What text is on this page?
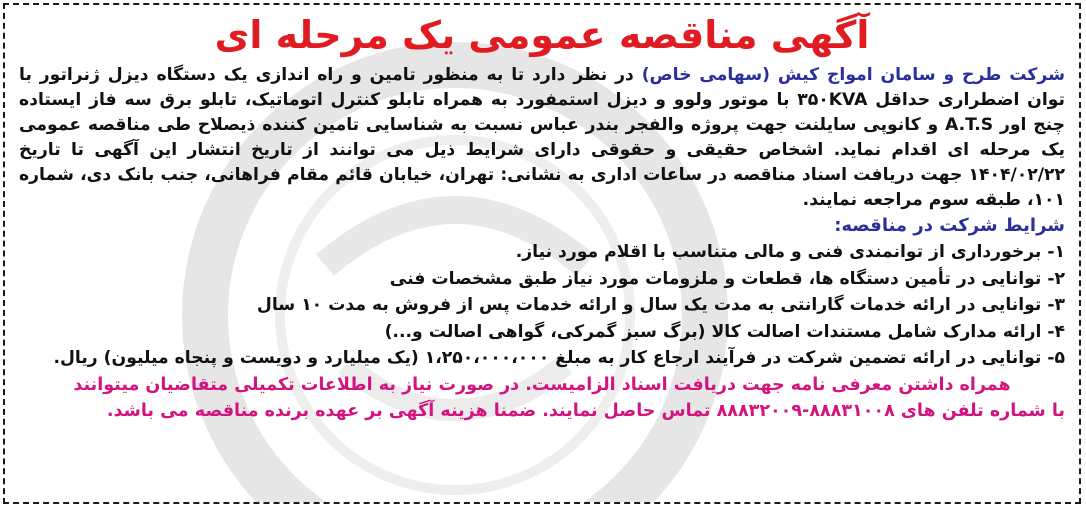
آگهی مناقصه عمومی یک مرحله ای

شرکت طرح و سامان امواج کیش (سهامی خاص) در نظر دارد تا به منظور تامین و راه اندازی یک دستگاه دیزل ژنراتور با توان اضطراری حداقل ۳۵۰KVA با موتور ولوو و دیزل استمفورد به همراه تابلو کنترل اتوماتیک، تابلو برق سه فاز ایستاده چنج اور A.T.S و کانوپی سایلنت جهت پروژه والفجر بندر عباس نسبت به شناسایی تامین کننده ذیصلاح طی مناقصه عمومی یک مرحله ای اقدام نماید. اشخاص حقیقی و حقوقی دارای شرایط ذیل می توانند از تاریخ انتشار این آگهی تا تاریخ ۱۴۰۴/۰۲/۲۲ جهت دریافت اسناد مناقصه در ساعات اداری به نشانی: تهران، خیابان قائم مقام فراهانی، جنب بانک دی، شماره ۱۰۱، طبقه سوم مراجعه نمایند.

شرایط شرکت در مناقصه:
۱- برخورداری از توانمندی فنی و مالی متناسب با اقلام مورد نیاز.
۲- توانایی در تأمین دستگاه ها، قطعات و ملزومات مورد نیاز طبق مشخصات فنی
۳- توانایی در ارائه خدمات گارانتی به مدت یک سال و ارائه خدمات پس از فروش به مدت ۱۰ سال
۴- ارائه مدارک شامل مستندات اصالت کالا (برگ سبز گمرکی، گواهی اصالت و...)
۵- توانایی در ارائه تضمین شرکت در فرآیند ارجاع کار به مبلغ ۱،۲۵۰،۰۰۰،۰۰۰ (یک میلیارد و دویست و پنجاه میلیون) ریال.

همراه داشتن معرفی نامه جهت دریافت اسناد الزامیست. در صورت نیاز به اطلاعات تکمیلی متقاضیان میتوانند

با شماره تلفن های ۸۸۸۳۱۰۰۸-۸۸۸۳۲۰۰۹ تماس حاصل نمایند. ضمنا هزینه آگهی بر عهده برنده مناقصه می باشد.
